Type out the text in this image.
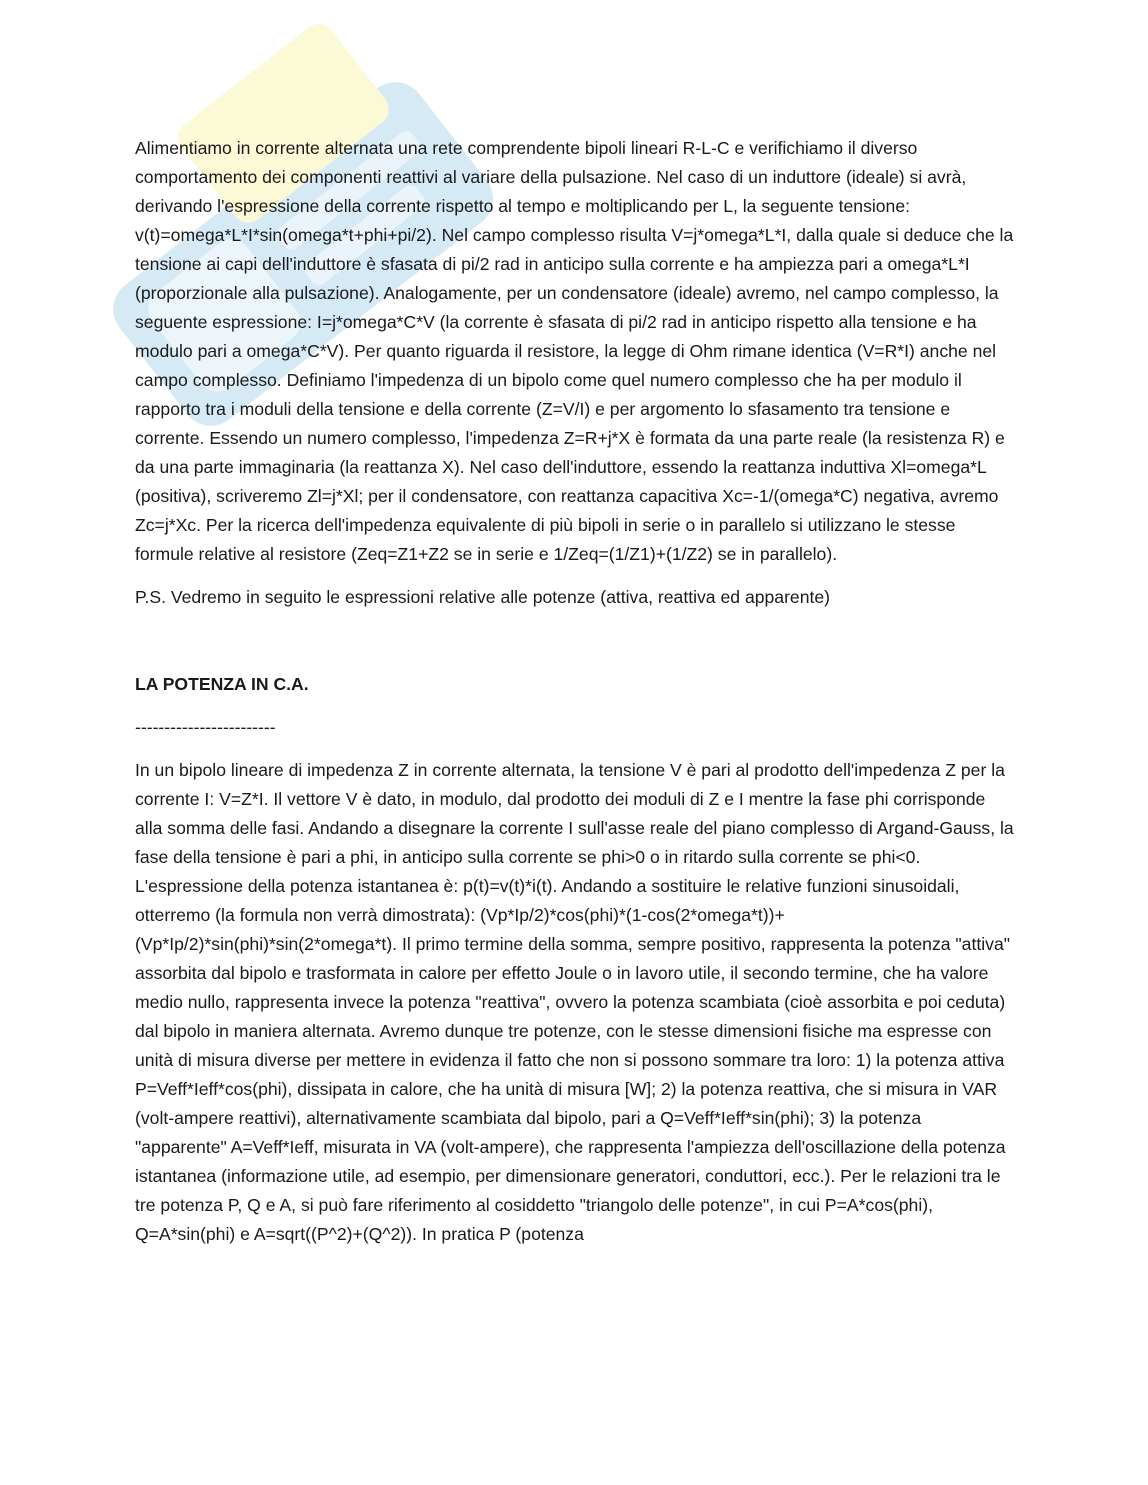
Alimentiamo in corrente alternata una rete comprendente bipoli lineari R-L-C e verifichiamo il diverso comportamento dei componenti reattivi al variare della pulsazione. Nel caso di un induttore (ideale) si avrà, derivando l'espressione della corrente rispetto al tempo e moltiplicando per L, la seguente tensione: v(t)=omega*L*I*sin(omega*t+phi+pi/2). Nel campo complesso risulta V=j*omega*L*I, dalla quale si deduce che la tensione ai capi dell'induttore è sfasata di pi/2 rad in anticipo sulla corrente e ha ampiezza pari a omega*L*I (proporzionale alla pulsazione). Analogamente, per un condensatore (ideale) avremo, nel campo complesso, la seguente espressione: I=j*omega*C*V (la corrente è sfasata di pi/2 rad in anticipo rispetto alla tensione e ha modulo pari a omega*C*V). Per quanto riguarda il resistore, la legge di Ohm rimane identica (V=R*I) anche nel campo complesso. Definiamo l'impedenza di un bipolo come quel numero complesso che ha per modulo il rapporto tra i moduli della tensione e della corrente (Z=V/I) e per argomento lo sfasamento tra tensione e corrente. Essendo un numero complesso, l'impedenza Z=R+j*X è formata da una parte reale (la resistenza R) e da una parte immaginaria (la reattanza X). Nel caso dell'induttore, essendo la reattanza induttiva Xl=omega*L (positiva), scriveremo Zl=j*Xl; per il condensatore, con reattanza capacitiva Xc=-1/(omega*C) negativa, avremo Zc=j*Xc. Per la ricerca dell'impedenza equivalente di più bipoli in serie o in parallelo si utilizzano le stesse formule relative al resistore (Zeq=Z1+Z2 se in serie e 1/Zeq=(1/Z1)+(1/Z2) se in parallelo).

P.S. Vedremo in seguito le espressioni relative alle potenze (attiva, reattiva ed apparente)

LA POTENZA IN C.A.

------------------------

In un bipolo lineare di impedenza Z in corrente alternata, la tensione V è pari al prodotto dell'impedenza Z per la corrente I: V=Z*I. Il vettore V è dato, in modulo, dal prodotto dei moduli di Z e I mentre la fase phi corrisponde alla somma delle fasi. Andando a disegnare la corrente I sull'asse reale del piano complesso di Argand-Gauss, la fase della tensione è pari a phi, in anticipo sulla corrente se phi>0 o in ritardo sulla corrente se phi<0. L'espressione della potenza istantanea è: p(t)=v(t)*i(t). Andando a sostituire le relative funzioni sinusoidali, otterremo (la formula non verrà dimostrata): (Vp*Ip/2)*cos(phi)*(1-cos(2*omega*t))+(Vp*Ip/2)*sin(phi)*sin(2*omega*t). Il primo termine della somma, sempre positivo, rappresenta la potenza "attiva" assorbita dal bipolo e trasformata in calore per effetto Joule o in lavoro utile, il secondo termine, che ha valore medio nullo, rappresenta invece la potenza "reattiva", ovvero la potenza scambiata (cioè assorbita e poi ceduta) dal bipolo in maniera alternata. Avremo dunque tre potenze, con le stesse dimensioni fisiche ma espresse con unità di misura diverse per mettere in evidenza il fatto che non si possono sommare tra loro: 1) la potenza attiva P=Veff*Ieff*cos(phi), dissipata in calore, che ha unità di misura [W]; 2) la potenza reattiva, che si misura in VAR (volt-ampere reattivi), alternativamente scambiata dal bipolo, pari a Q=Veff*Ieff*sin(phi); 3) la potenza "apparente" A=Veff*Ieff, misurata in VA (volt-ampere), che rappresenta l'ampiezza dell'oscillazione della potenza istantanea (informazione utile, ad esempio, per dimensionare generatori, conduttori, ecc.). Per le relazioni tra le tre potenza P, Q e A, si può fare riferimento al cosiddetto "triangolo delle potenze", in cui P=A*cos(phi), Q=A*sin(phi) e A=sqrt((P^2)+(Q^2)). In pratica P (potenza
